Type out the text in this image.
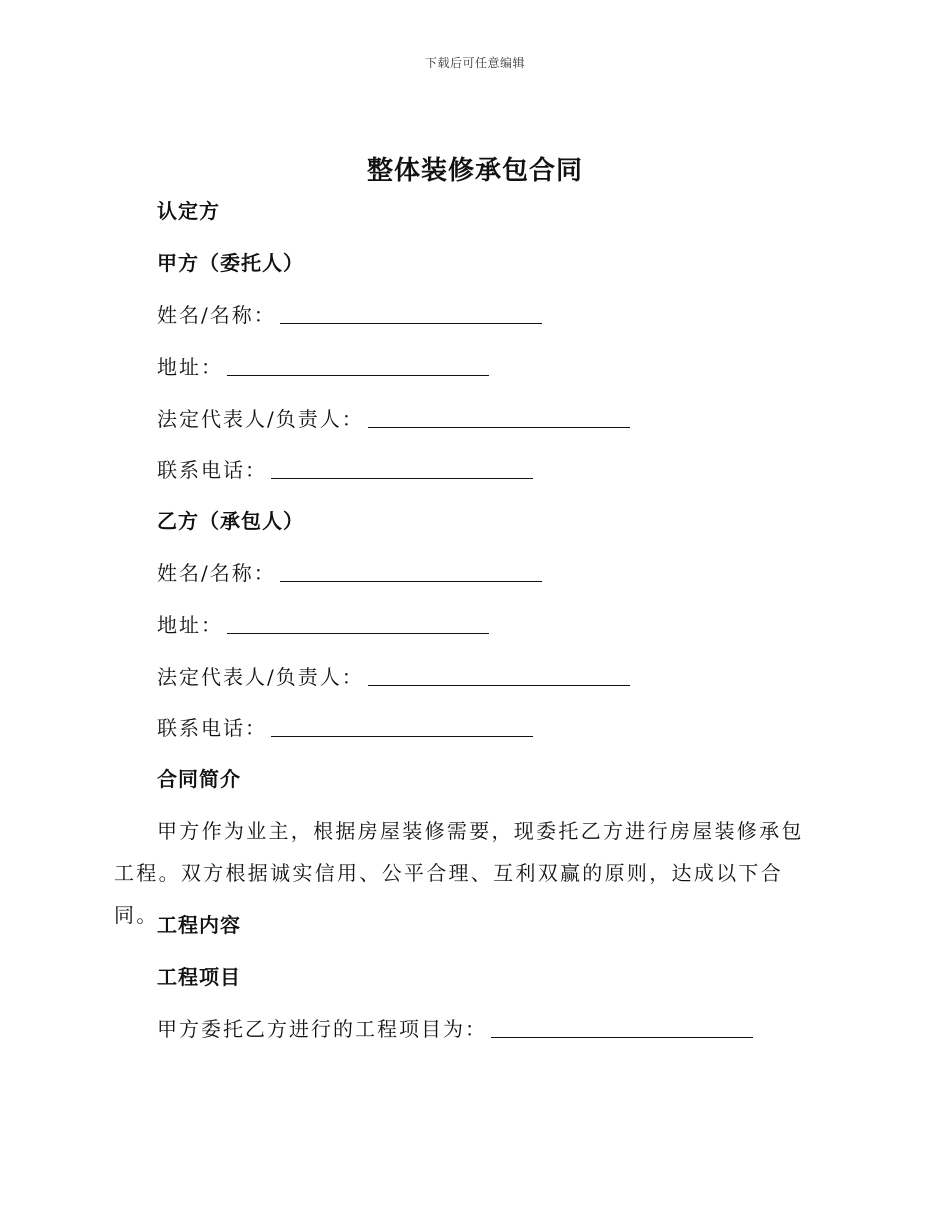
下载后可任意编辑
整体装修承包合同
认定方
甲方（委托人）
姓名/名称：
地址：
法定代表人/负责人：
联系电话：
乙方（承包人）
姓名/名称：
地址：
法定代表人/负责人：
联系电话：
合同简介
甲方作为业主，根据房屋装修需要，现委托乙方进行房屋装修承包工程。双方根据诚实信用、公平合理、互利双赢的原则，达成以下合同。
工程内容
工程项目
甲方委托乙方进行的工程项目为：
